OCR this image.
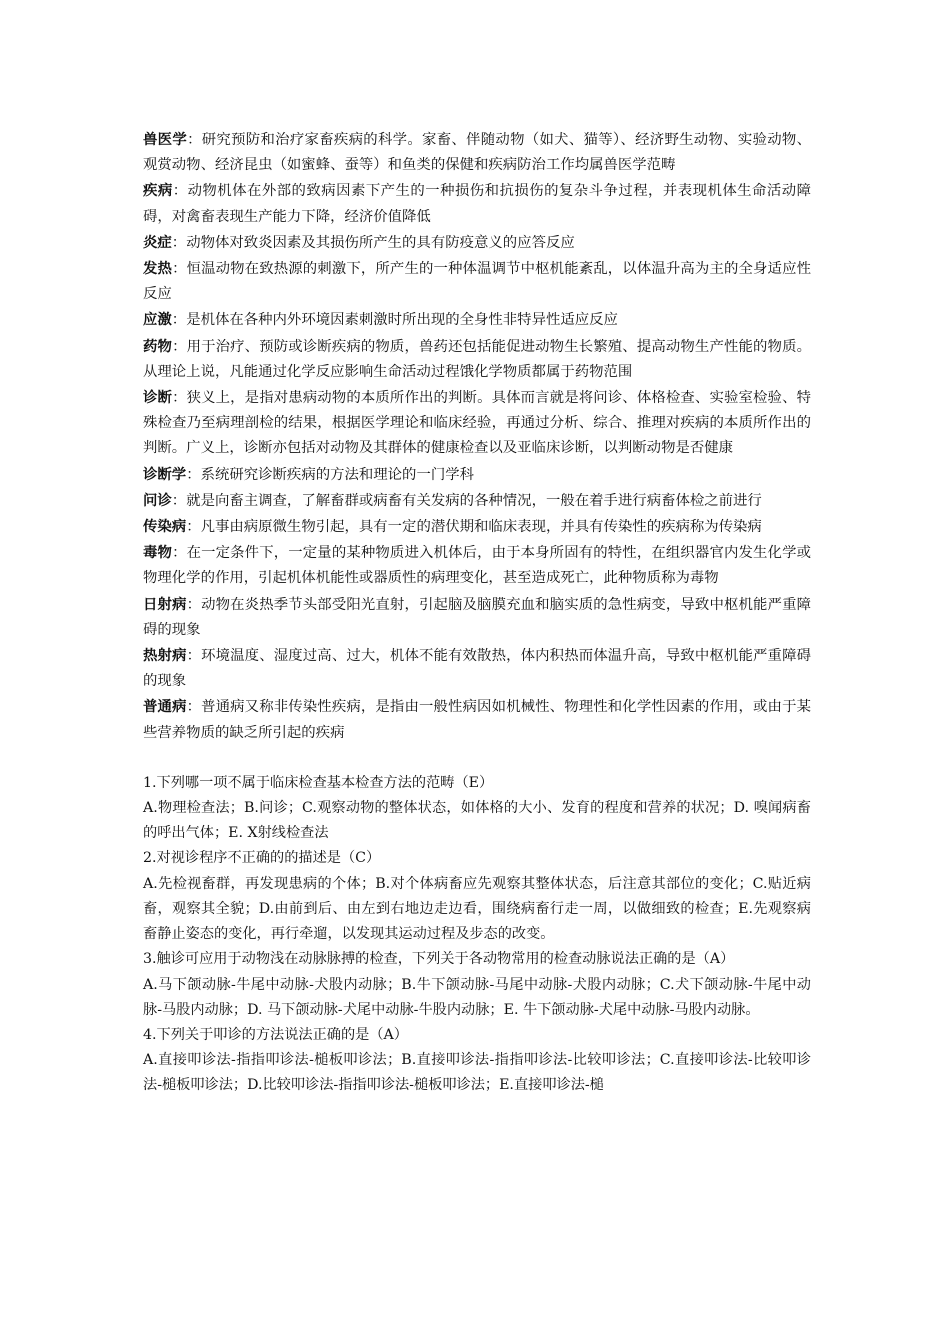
兽医学：研究预防和治疗家畜疾病的科学。家畜、伴随动物（如犬、猫等）、经济野生动物、实验动物、观赏动物、经济昆虫（如蜜蜂、蚕等）和鱼类的保健和疾病防治工作均属兽医学范畴

疾病：动物机体在外部的致病因素下产生的一种损伤和抗损伤的复杂斗争过程，并表现机体生命活动障碍，对禽畜表现生产能力下降，经济价值降低

炎症：动物体对致炎因素及其损伤所产生的具有防疫意义的应答反应

发热：恒温动物在致热源的刺激下，所产生的一种体温调节中枢机能紊乱，以体温升高为主的全身适应性反应

应激：是机体在各种内外环境因素刺激时所出现的全身性非特异性适应反应

药物：用于治疗、预防或诊断疾病的物质，兽药还包括能促进动物生长繁殖、提高动物生产性能的物质。从理论上说，凡能通过化学反应影响生命活动过程饿化学物质都属于药物范围

诊断：狭义上，是指对患病动物的本质所作出的判断。具体而言就是将问诊、体格检查、实验室检验、特殊检查乃至病理剖检的结果，根据医学理论和临床经验，再通过分析、综合、推理对疾病的本质所作出的判断。广义上，诊断亦包括对动物及其群体的健康检查以及亚临床诊断，以判断动物是否健康

诊断学：系统研究诊断疾病的方法和理论的一门学科

问诊：就是向畜主调查，了解畜群或病畜有关发病的各种情况，一般在着手进行病畜体检之前进行

传染病：凡事由病原微生物引起，具有一定的潜伏期和临床表现，并具有传染性的疾病称为传染病

毒物：在一定条件下，一定量的某种物质进入机体后，由于本身所固有的特性，在组织器官内发生化学或物理化学的作用，引起机体机能性或器质性的病理变化，甚至造成死亡，此种物质称为毒物

日射病：动物在炎热季节头部受阳光直射，引起脑及脑膜充血和脑实质的急性病变，导致中枢机能严重障碍的现象

热射病：环境温度、湿度过高、过大，机体不能有效散热，体内积热而体温升高，导致中枢机能严重障碍的现象

普通病：普通病又称非传染性疾病，是指由一般性病因如机械性、物理性和化学性因素的作用，或由于某些营养物质的缺乏所引起的疾病

1.下列哪一项不属于临床检查基本检查方法的范畴（E）

A.物理检查法；B.问诊；C.观察动物的整体状态，如体格的大小、发育的程度和营养的状况；D. 嗅闻病畜的呼出气体；E. X射线检查法

2.对视诊程序不正确的的描述是（C）

A.先检视畜群，再发现患病的个体；B.对个体病畜应先观察其整体状态，后注意其部位的变化；C.贴近病畜，观察其全貌；D.由前到后、由左到右地边走边看，围绕病畜行走一周，以做细致的检查；E.先观察病畜静止姿态的变化，再行牵遛，以发现其运动过程及步态的改变。

3.触诊可应用于动物浅在动脉脉搏的检查，下列关于各动物常用的检查动脉说法正确的是（A）

A.马下颌动脉-牛尾中动脉-犬股内动脉；B.牛下颌动脉-马尾中动脉-犬股内动脉；C.犬下颌动脉-牛尾中动脉-马股内动脉；D. 马下颌动脉-犬尾中动脉-牛股内动脉；E. 牛下颌动脉-犬尾中动脉-马股内动脉。

4.下列关于叩诊的方法说法正确的是（A）

A.直接叩诊法-指指叩诊法-槌板叩诊法；B.直接叩诊法-指指叩诊法-比较叩诊法；C.直接叩诊法-比较叩诊法-槌板叩诊法；D.比较叩诊法-指指叩诊法-槌板叩诊法；E.直接叩诊法-槌
